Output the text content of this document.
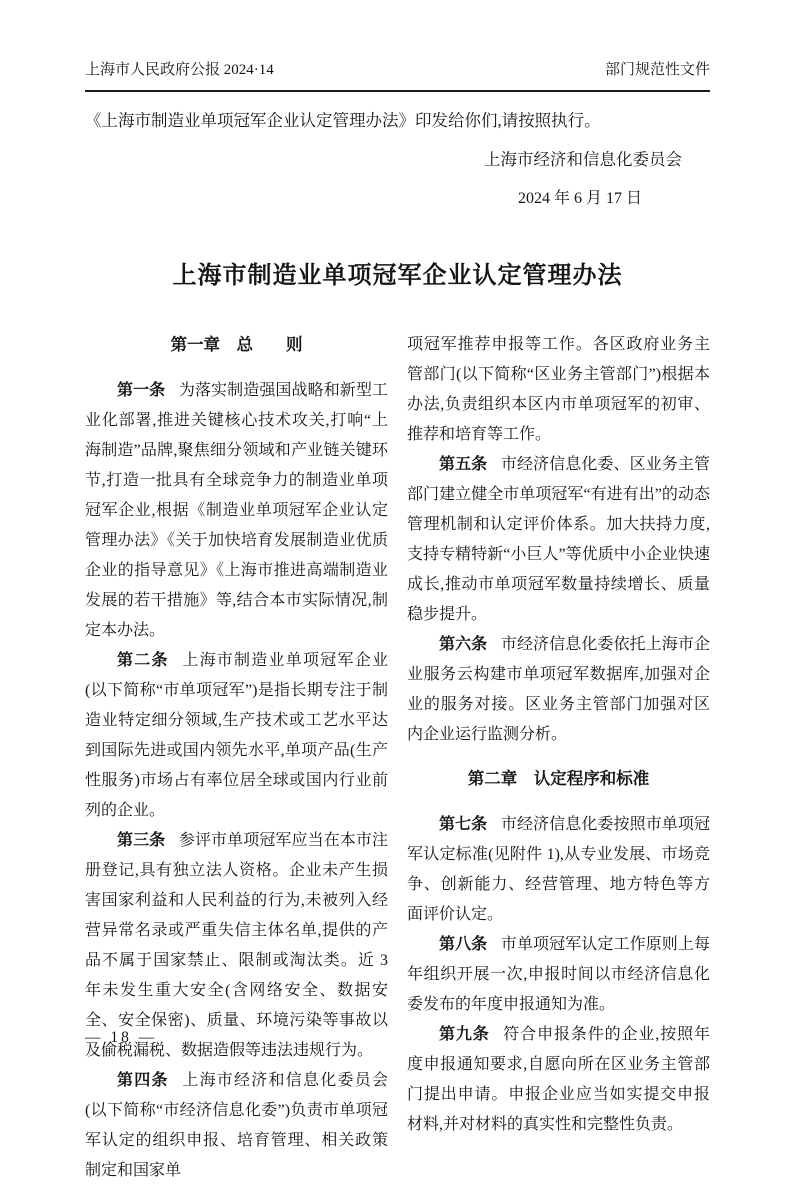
上海市人民政府公报 2024·14	部门规范性文件

《上海市制造业单项冠军企业认定管理办法》印发给你们,请按照执行。

上海市经济和信息化委员会
2024 年 6 月 17 日
上海市制造业单项冠军企业认定管理办法
第一章　总　　则

第一条 为落实制造强国战略和新型工业化部署,推进关键核心技术攻关,打响“上海制造”品牌,聚焦细分领域和产业链关键环节,打造一批具有全球竞争力的制造业单项冠军企业,根据《制造业单项冠军企业认定管理办法》《关于加快培育发展制造业优质企业的指导意见》《上海市推进高端制造业发展的若干措施》等,结合本市实际情况,制定本办法。

第二条 上海市制造业单项冠军企业(以下简称“市单项冠军”)是指长期专注于制造业特定细分领域,生产技术或工艺水平达到国际先进或国内领先水平,单项产品(生产性服务)市场占有率位居全球或国内行业前列的企业。

第三条 参评市单项冠军应当在本市注册登记,具有独立法人资格。企业未产生损害国家利益和人民利益的行为,未被列入经营异常名录或严重失信主体名单,提供的产品不属于国家禁止、限制或淘汰类。近 3 年未发生重大安全(含网络安全、数据安全、安全保密)、质量、环境污染等事故以及偷税漏税、数据造假等违法违规行为。

第四条 上海市经济和信息化委员会(以下简称“市经济信息化委”)负责市单项冠军认定的组织申报、培育管理、相关政策制定和国家单

项冠军推荐申报等工作。各区政府业务主管部门(以下简称“区业务主管部门”)根据本办法,负责组织本区内市单项冠军的初审、推荐和培育等工作。

第五条 市经济信息化委、区业务主管部门建立健全市单项冠军“有进有出”的动态管理机制和认定评价体系。加大扶持力度,支持专精特新“小巨人”等优质中小企业快速成长,推动市单项冠军数量持续增长、质量稳步提升。

第六条 市经济信息化委依托上海市企业服务云构建市单项冠军数据库,加强对企业的服务对接。区业务主管部门加强对区内企业运行监测分析。

第二章　认定程序和标准

第七条 市经济信息化委按照市单项冠军认定标准(见附件 1),从专业发展、市场竞争、创新能力、经营管理、地方特色等方面评价认定。

第八条 市单项冠军认定工作原则上每年组织开展一次,申报时间以市经济信息化委发布的年度申报通知为准。

第九条 符合申报条件的企业,按照年度申报通知要求,自愿向所在区业务主管部门提出申请。申报企业应当如实提交申报材料,并对材料的真实性和完整性负责。

— 18 —
